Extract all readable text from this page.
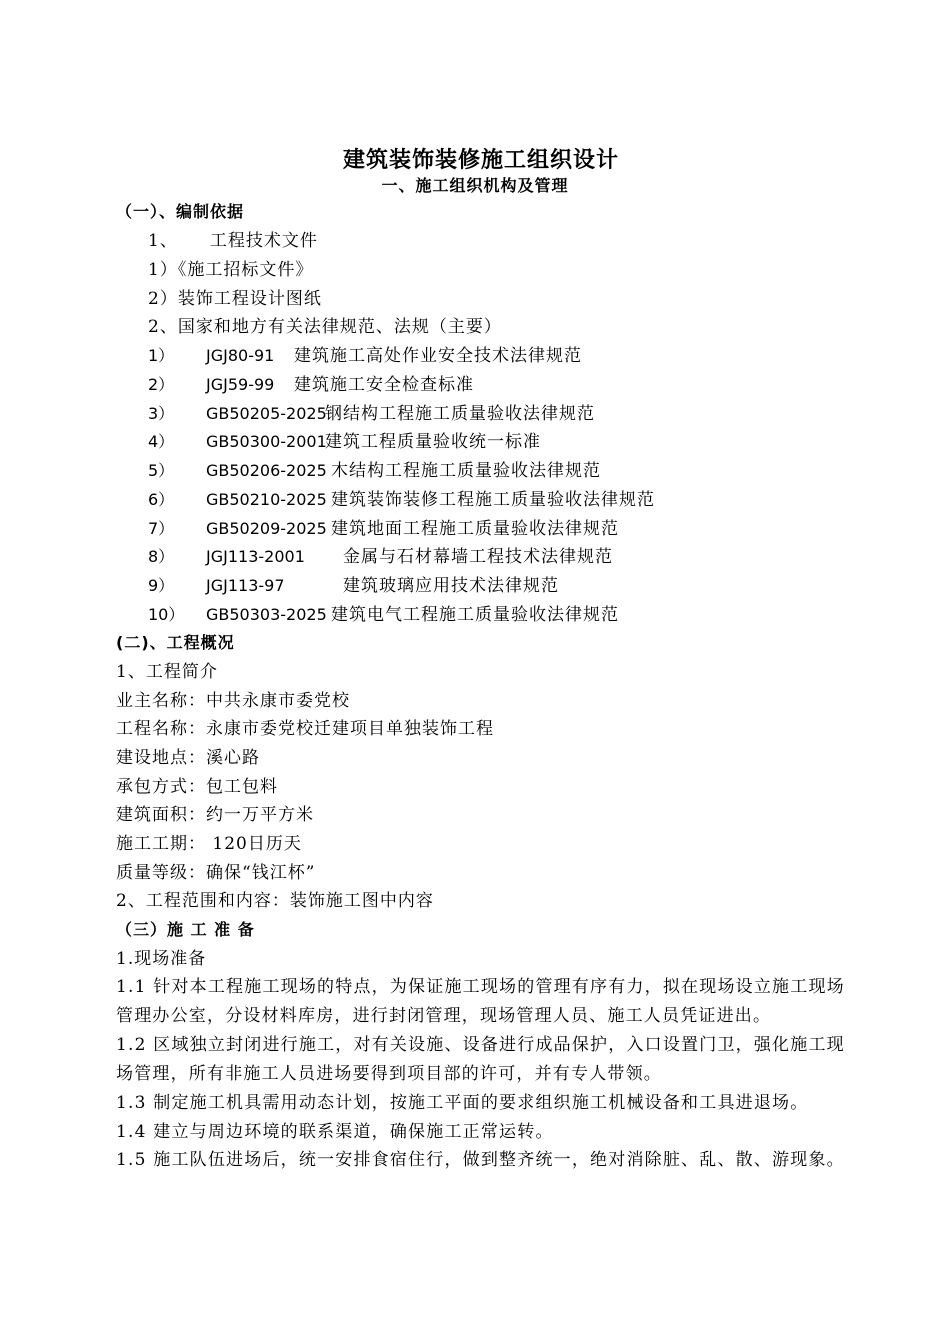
建筑装饰装修施工组织设计
一、施工组织机构及管理
（一）、编制依据
1、     工程技术文件
1）《施工招标文件》
2）装饰工程设计图纸
2、国家和地方有关法律规范、法规（主要）
1） JGJ80-91 建筑施工高处作业安全技术法律规范
2） JGJ59-99 建筑施工安全检查标准
3） GB50205-2025
钢结构工程施工质量验收法律规范
4） GB50300-2001
建筑工程质量验收统一标准
5） GB50206-2025 木结构工程施工质量验收法律规范
6） GB50210-2025 建筑装饰装修工程施工质量验收法律规范
7） GB50209-2025 建筑地面工程施工质量验收法律规范
8） JGJ113-2001 金属与石材幕墙工程技术法律规范
9） JGJ113-97	建筑玻璃应用技术法律规范
10） GB50303-2025 建筑电气工程施工质量验收法律规范
(二)、工程概况
1、工程简介
业主名称：中共永康市委党校
工程名称：永康市委党校迁建项目单独装饰工程
建设地点：溪心路
承包方式：包工包料
建筑面积：约一万平方米
施工工期： 120日历天
质量等级：确保“钱江杯”
2、工程范围和内容：装饰施工图中内容
（三）施 工 准 备
1.现场准备
1.1 针对本工程施工现场的特点，为保证施工现场的管理有序有力，拟在现场设立施工现场管理办公室，分设材料库房，进行封闭管理，现场管理人员、施工人员凭证进出。
1.2 区域独立封闭进行施工，对有关设施、设备进行成品保护，入口设置门卫，强化施工现场管理，所有非施工人员进场要得到项目部的许可，并有专人带领。
1.3 制定施工机具需用动态计划，按施工平面的要求组织施工机械设备和工具进退场。
1.4 建立与周边环境的联系渠道，确保施工正常运转。
1.5 施工队伍进场后，统一安排食宿住行，做到整齐统一，绝对消除脏、乱、散、游现象。
